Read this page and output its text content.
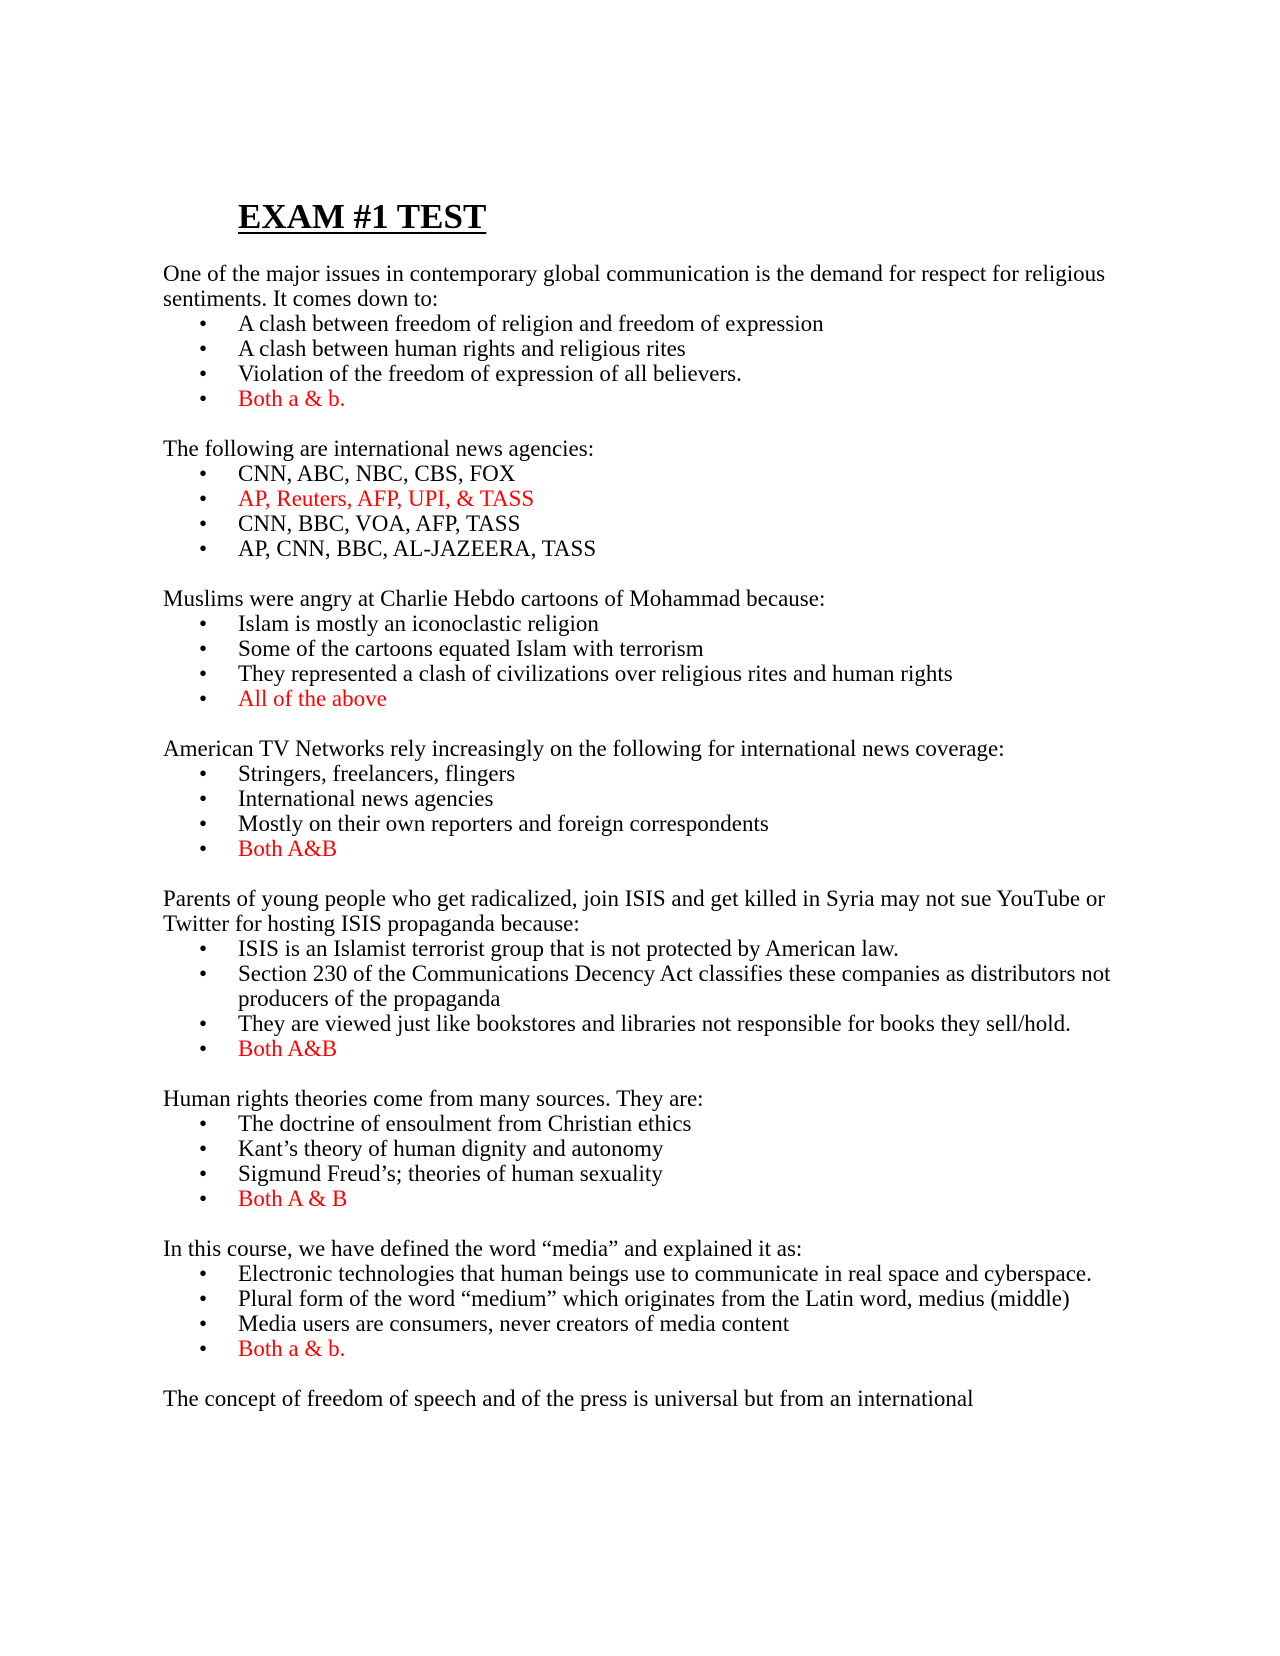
EXAM #1 TEST

One of the major issues in contemporary global communication is the demand for respect for religious sentiments. It comes down to:

• A clash between freedom of religion and freedom of expression
• A clash between human rights and religious rites
• Violation of the freedom of expression of all believers.
• Both a & b.

The following are international news agencies:

• CNN, ABC, NBC, CBS, FOX
• AP, Reuters, AFP, UPI, & TASS
• CNN, BBC, VOA, AFP, TASS
• AP, CNN, BBC, AL-JAZEERA, TASS

Muslims were angry at Charlie Hebdo cartoons of Mohammad because:

• Islam is mostly an iconoclastic religion
• Some of the cartoons equated Islam with terrorism
• They represented a clash of civilizations over religious rites and human rights
• All of the above

American TV Networks rely increasingly on the following for international news coverage:

• Stringers, freelancers, flingers
• International news agencies
• Mostly on their own reporters and foreign correspondents
• Both A&B

Parents of young people who get radicalized, join ISIS and get killed in Syria may not sue YouTube or Twitter for hosting ISIS propaganda because:

• ISIS is an Islamist terrorist group that is not protected by American law.
• Section 230 of the Communications Decency Act classifies these companies as distributors not producers of the propaganda
• They are viewed just like bookstores and libraries not responsible for books they sell/hold.
• Both A&B

Human rights theories come from many sources. They are:

• The doctrine of ensoulment from Christian ethics
• Kant’s theory of human dignity and autonomy
• Sigmund Freud’s; theories of human sexuality
• Both A & B

In this course, we have defined the word “media” and explained it as:

• Electronic technologies that human beings use to communicate in real space and cyberspace.
• Plural form of the word “medium” which originates from the Latin word, medius (middle)
• Media users are consumers, never creators of media content
• Both a & b.

The concept of freedom of speech and of the press is universal but from an international
